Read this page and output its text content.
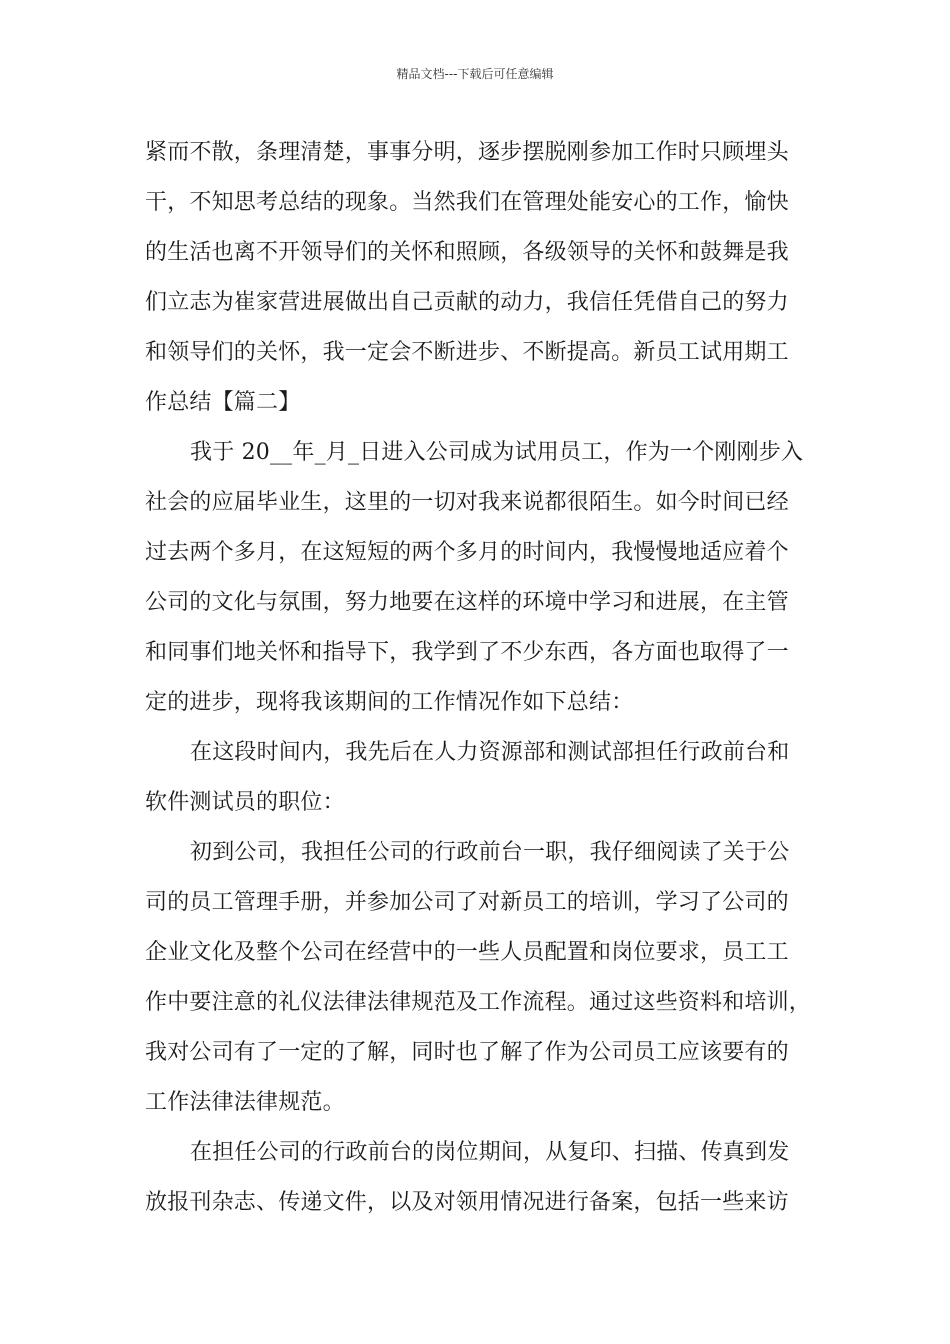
精品文档---下载后可任意编辑
紧而不散，条理清楚，事事分明，逐步摆脱刚参加工作时只顾埋头
干，不知思考总结的现象。当然我们在管理处能安心的工作，愉快
的生活也离不开领导们的关怀和照顾，各级领导的关怀和鼓舞是我
们立志为崔家营进展做出自己贡献的动力，我信任凭借自己的努力
和领导们的关怀，我一定会不断进步、不断提高。新员工试用期工
作总结【篇二】
我于 20__年_月_日进入公司成为试用员工，作为一个刚刚步入
社会的应届毕业生，这里的一切对我来说都很陌生。如今时间已经
过去两个多月，在这短短的两个多月的时间内，我慢慢地适应着个
公司的文化与氛围，努力地要在这样的环境中学习和进展，在主管
和同事们地关怀和指导下，我学到了不少东西，各方面也取得了一
定的进步，现将我该期间的工作情况作如下总结：
在这段时间内，我先后在人力资源部和测试部担任行政前台和
软件测试员的职位：
初到公司，我担任公司的行政前台一职，我仔细阅读了关于公
司的员工管理手册，并参加公司了对新员工的培训，学习了公司的
企业文化及整个公司在经营中的一些人员配置和岗位要求，员工工
作中要注意的礼仪法律法律规范及工作流程。通过这些资料和培训，
我对公司有了一定的了解，同时也了解了作为公司员工应该要有的
工作法律法律规范。
在担任公司的行政前台的岗位期间，从复印、扫描、传真到发
放报刊杂志、传递文件，以及对领用情况进行备案，包括一些来访
